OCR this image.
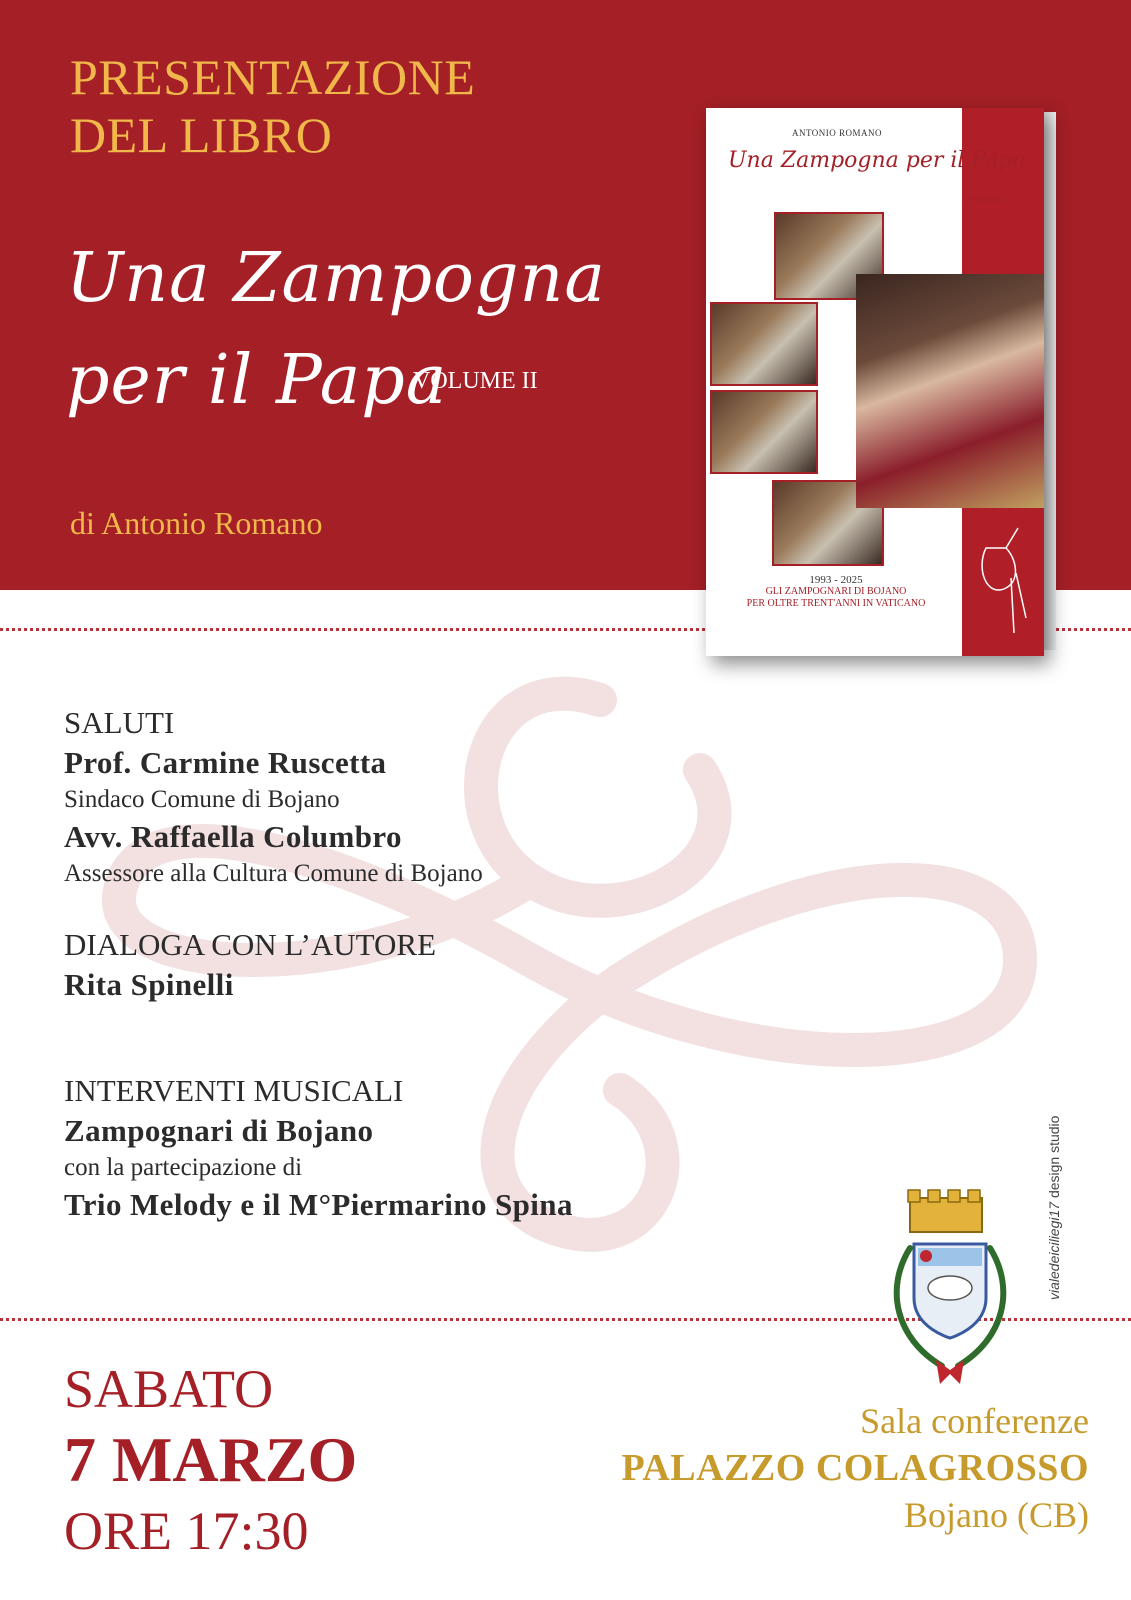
PRESENTAZIONE
DEL LIBRO
Una Zampogna
per il Papa
VOLUME II
di Antonio Romano
ANTONIO ROMANO
Una Zampogna per il Papa
VOLUME II
1993 - 2025
GLI ZAMPOGNARI DI BOJANO
PER OLTRE TRENT'ANNI IN VATICANO
SALUTI
Prof. Carmine Ruscetta
Sindaco Comune di Bojano
Avv. Raffaella Columbro
Assessore alla Cultura Comune di Bojano
DIALOGA CON L’AUTORE
Rita Spinelli
INTERVENTI MUSICALI
Zampognari di Bojano
con la partecipazione di
Trio Melody e il M°Piermarino Spina
SABATO
7 MARZO
ORE 17:30
Sala conferenze
PALAZZO COLAGROSSO
Bojano (CB)
vialedeiciliegi17 design studio
